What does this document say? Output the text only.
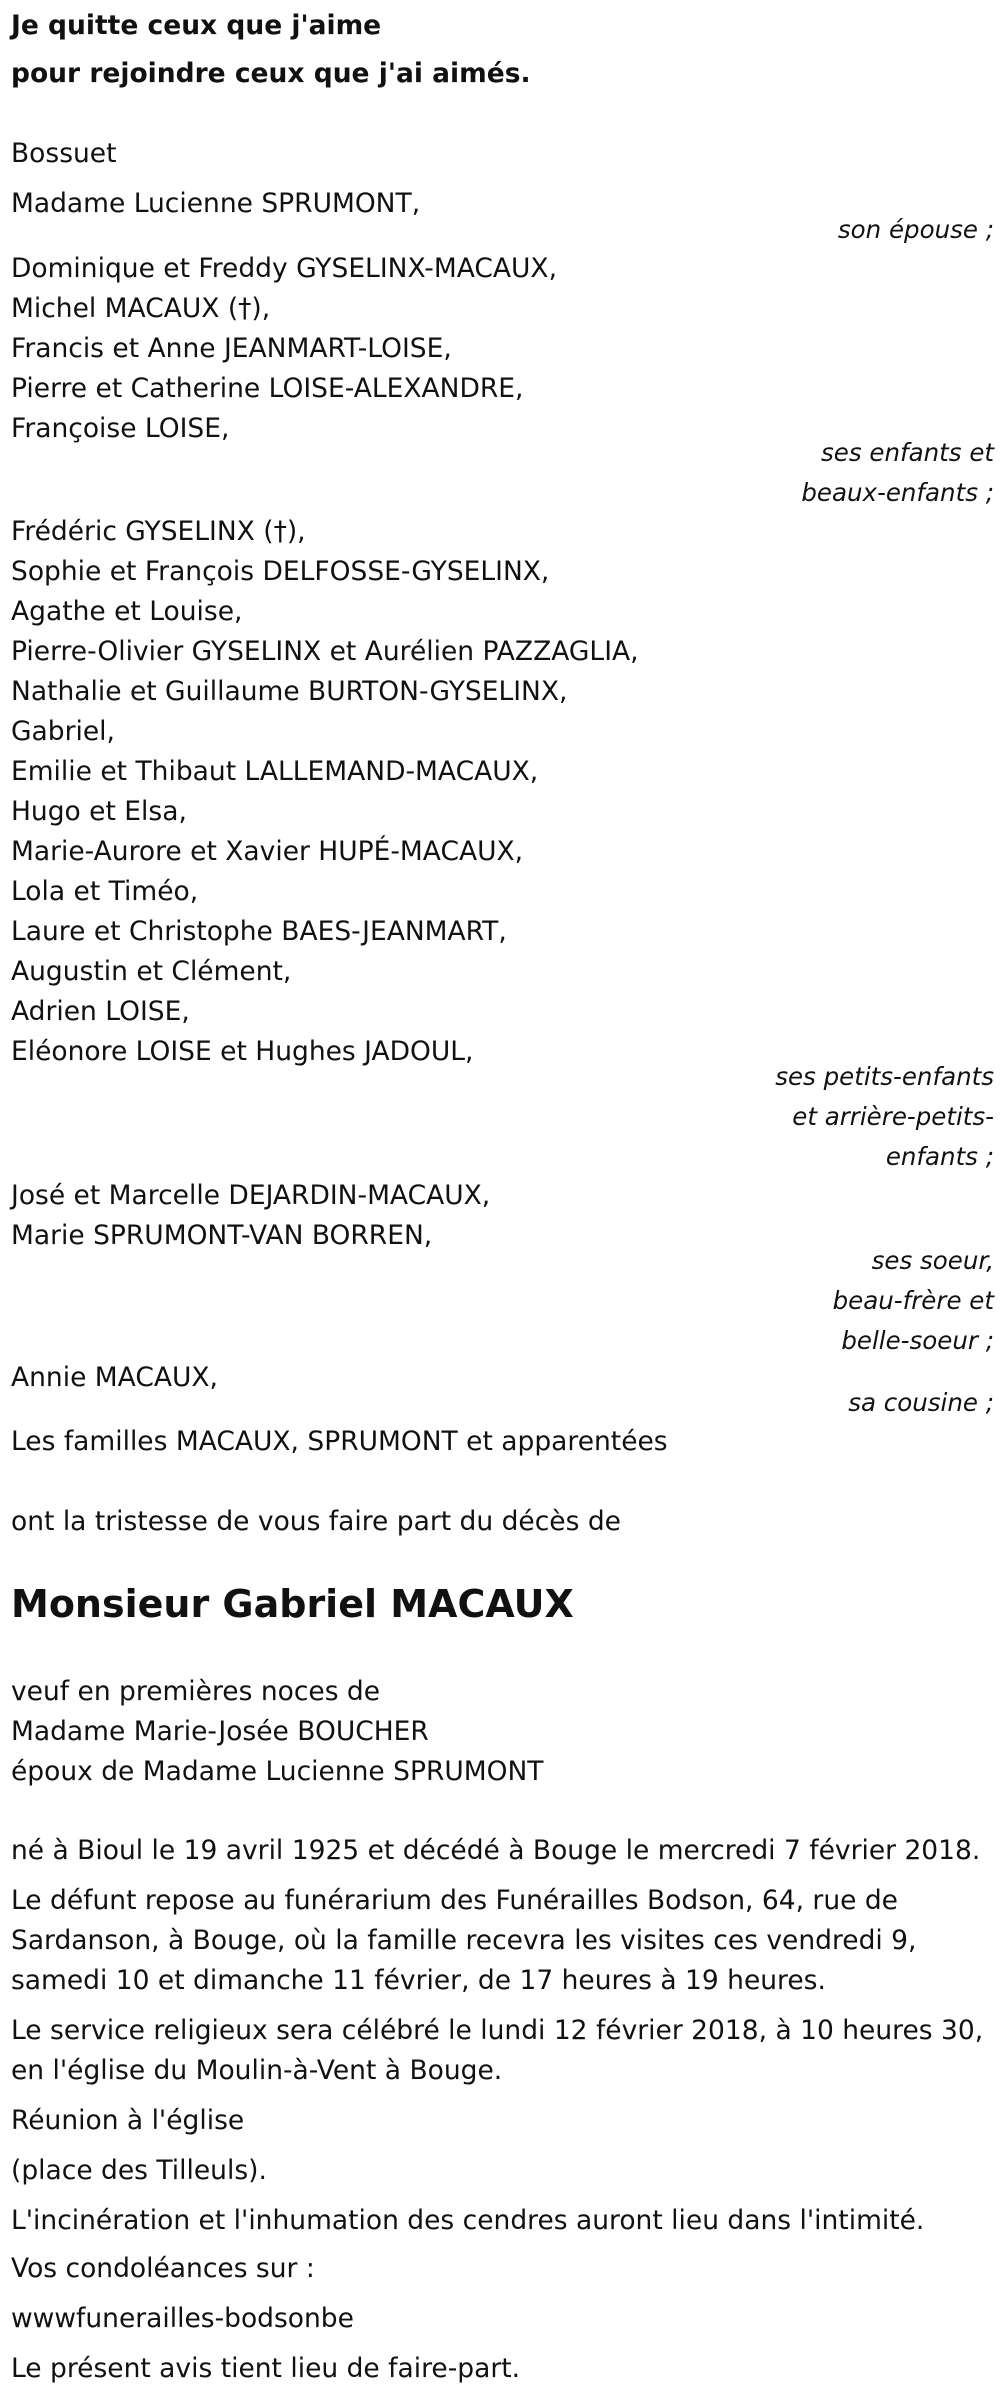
Je quitte ceux que j'aime
pour rejoindre ceux que j'ai aimés.
Bossuet
Madame Lucienne SPRUMONT,
son épouse ;
Dominique et Freddy GYSELINX-MACAUX,
Michel MACAUX (†),
Francis et Anne JEANMART-LOISE,
Pierre et Catherine LOISE-ALEXANDRE,
Françoise LOISE,
ses enfants et
beaux-enfants ;
Frédéric GYSELINX (†),
Sophie et François DELFOSSE-GYSELINX,
Agathe et Louise,
Pierre-Olivier GYSELINX et Aurélien PAZZAGLIA,
Nathalie et Guillaume BURTON-GYSELINX,
Gabriel,
Emilie et Thibaut LALLEMAND-MACAUX,
Hugo et Elsa,
Marie-Aurore et Xavier HUPÉ-MACAUX,
Lola et Timéo,
Laure et Christophe BAES-JEANMART,
Augustin et Clément,
Adrien LOISE,
Eléonore LOISE et Hughes JADOUL,
ses petits-enfants
et arrière-petits-
enfants ;
José et Marcelle DEJARDIN-MACAUX,
Marie SPRUMONT-VAN BORREN,
ses soeur,
beau-frère et
belle-soeur ;
Annie MACAUX,
sa cousine ;
Les familles MACAUX, SPRUMONT et apparentées
ont la tristesse de vous faire part du décès de
Monsieur Gabriel MACAUX
veuf en premières noces de
Madame Marie-Josée BOUCHER
époux de Madame Lucienne SPRUMONT
né à Bioul le 19 avril 1925 et décédé à Bouge le mercredi 7 février 2018.
Le défunt repose au funérarium des Funérailles Bodson, 64, rue de
Sardanson, à Bouge, où la famille recevra les visites ces vendredi 9,
samedi 10 et dimanche 11 février, de 17 heures à 19 heures.
Le service religieux sera célébré le lundi 12 février 2018, à 10 heures 30,
en l'église du Moulin-à-Vent à Bouge.
Réunion à l'église
(place des Tilleuls).
L'incinération et l'inhumation des cendres auront lieu dans l'intimité.
Vos condoléances sur :
wwwfunerailles-bodsonbe
Le présent avis tient lieu de faire-part.
